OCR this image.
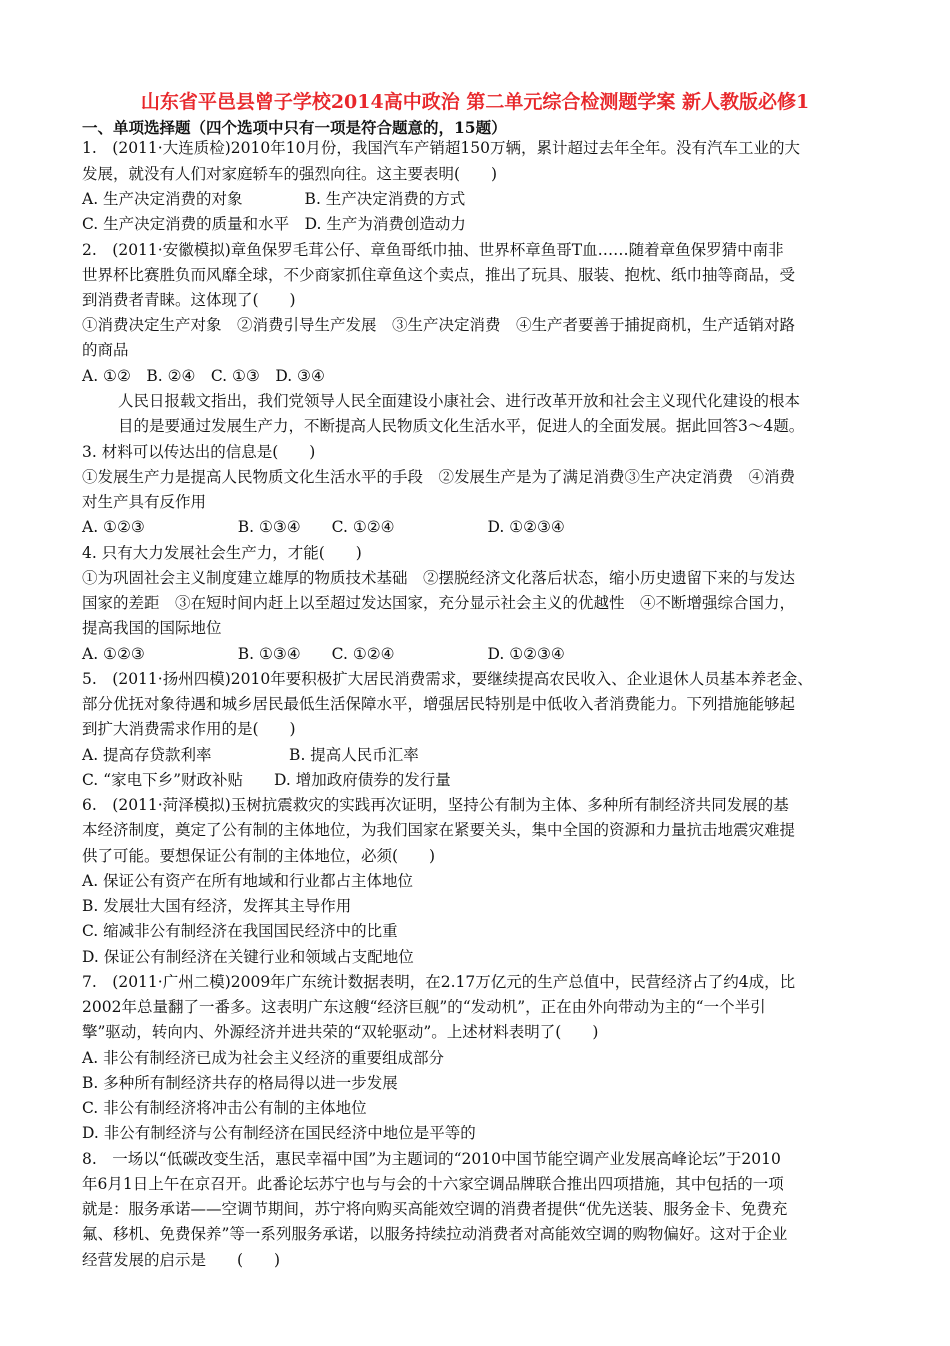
山东省平邑县曾子学校2014高中政治 第二单元综合检测题学案 新人教版必修1
一、单项选择题（四个选项中只有一项是符合题意的，15题）
1.　(2011·大连质检)2010年10月份，我国汽车产销超150万辆，累计超过去年全年。没有汽车工业的大
发展，就没有人们对家庭轿车的强烈向往。这主要表明(　　)
A. 生产决定消费的对象　　　　B. 生产决定消费的方式
C. 生产决定消费的质量和水平　D. 生产为消费创造动力
2.　(2011·安徽模拟)章鱼保罗毛茸公仔、章鱼哥纸巾抽、世界杯章鱼哥T血……随着章鱼保罗猜中南非
世界杯比赛胜负而风靡全球，不少商家抓住章鱼这个卖点，推出了玩具、服装、抱枕、纸巾抽等商品，受
到消费者青睐。这体现了(　　)
①消费决定生产对象　②消费引导生产发展　③生产决定消费　④生产者要善于捕捉商机，生产适销对路
的商品
A. ①②　B. ②④　C. ①③　D. ③④
人民日报载文指出，我们党领导人民全面建设小康社会、进行改革开放和社会主义现代化建设的根本
目的是要通过发展生产力，不断提高人民物质文化生活水平，促进人的全面发展。据此回答3～4题。
3. 材料可以传达出的信息是(　　)
①发展生产力是提高人民物质文化生活水平的手段　②发展生产是为了满足消费③生产决定消费　④消费
对生产具有反作用
A. ①②③　　　　　　B. ①③④　　C. ①②④　　　　　　D. ①②③④
4. 只有大力发展社会生产力，才能(　　)
①为巩固社会主义制度建立雄厚的物质技术基础　②摆脱经济文化落后状态，缩小历史遗留下来的与发达
国家的差距　③在短时间内赶上以至超过发达国家，充分显示社会主义的优越性　④不断增强综合国力，
提高我国的国际地位
A. ①②③　　　　　　B. ①③④　　C. ①②④　　　　　　D. ①②③④
5.　(2011·扬州四模)2010年要积极扩大居民消费需求，要继续提高农民收入、企业退休人员基本养老金、
部分优抚对象待遇和城乡居民最低生活保障水平，增强居民特别是中低收入者消费能力。下列措施能够起
到扩大消费需求作用的是(　　)
A. 提高存贷款利率　　　　　B. 提高人民币汇率
C. “家电下乡”财政补贴　　D. 增加政府债券的发行量
6.　(2011·菏泽模拟)玉树抗震救灾的实践再次证明，坚持公有制为主体、多种所有制经济共同发展的基
本经济制度，奠定了公有制的主体地位，为我们国家在紧要关头，集中全国的资源和力量抗击地震灾难提
供了可能。要想保证公有制的主体地位，必须(　　)
A. 保证公有资产在所有地域和行业都占主体地位
B. 发展壮大国有经济，发挥其主导作用
C. 缩减非公有制经济在我国国民经济中的比重
D. 保证公有制经济在关键行业和领域占支配地位
7.　(2011·广州二模)2009年广东统计数据表明，在2.17万亿元的生产总值中，民营经济占了约4成，比
2002年总量翻了一番多。这表明广东这艘“经济巨舰”的“发动机”，正在由外向带动为主的“一个半引
擎”驱动，转向内、外源经济并进共荣的“双轮驱动”。上述材料表明了(　　)
A. 非公有制经济已成为社会主义经济的重要组成部分
B. 多种所有制经济共存的格局得以进一步发展
C. 非公有制经济将冲击公有制的主体地位
D. 非公有制经济与公有制经济在国民经济中地位是平等的
8.　一场以“低碳改变生活，惠民幸福中国”为主题词的“2010中国节能空调产业发展高峰论坛”于2010
年6月1日上午在京召开。此番论坛苏宁也与与会的十六家空调品牌联合推出四项措施，其中包括的一项
就是：服务承诺——空调节期间，苏宁将向购买高能效空调的消费者提供“优先送装、服务金卡、免费充
氟、移机、免费保养”等一系列服务承诺，以服务持续拉动消费者对高能效空调的购物偏好。这对于企业
经营发展的启示是　　(　　)
